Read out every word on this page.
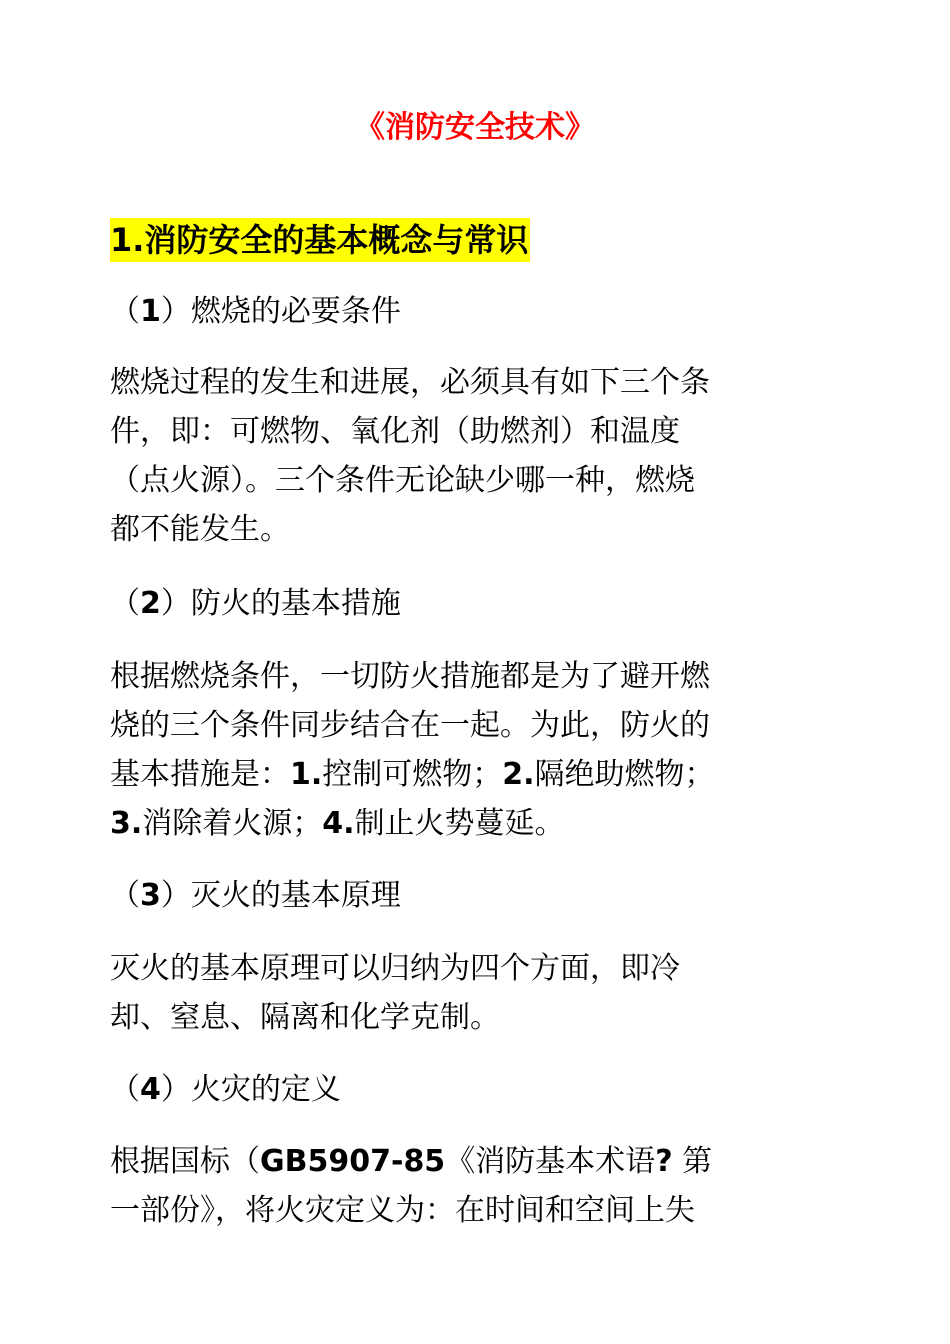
《消防安全技术》
1.消防安全的基本概念与常识
（1）燃烧的必要条件
燃烧过程的发生和进展，必须具有如下三个条
件，即：可燃物、氧化剂（助燃剂）和温度
（点火源）。三个条件无论缺少哪一种，燃烧
都不能发生。
（2）防火的基本措施
根据燃烧条件，一切防火措施都是为了避开燃
烧的三个条件同步结合在一起。为此，防火的
基本措施是：1.控制可燃物；2.隔绝助燃物；
3.消除着火源；4.制止火势蔓延。
（3）灭火的基本原理
灭火的基本原理可以归纳为四个方面，即冷
却、窒息、隔离和化学克制。
（4）火灾的定义
根据国标（GB5907-85《消防基本术语? 第
一部份》，将火灾定义为：在时间和空间上失
